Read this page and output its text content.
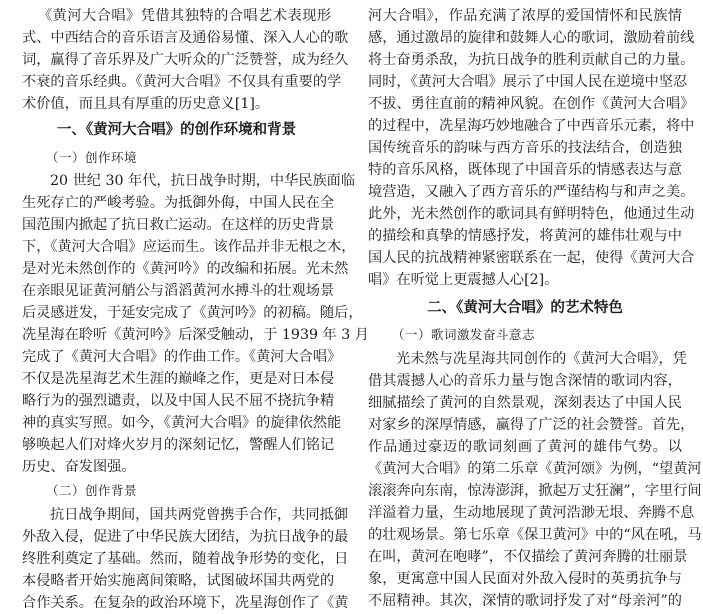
《黄河大合唱》凭借其独特的合唱艺术表现形
式、中西结合的音乐语言及通俗易懂、深入人心的歌
词，赢得了音乐界及广大听众的广泛赞誉，成为经久
不衰的音乐经典。《黄河大合唱》不仅具有重要的学
术价值，而且具有厚重的历史意义[1]。
一、《黄河大合唱》的创作环境和背景
（一）创作环境
20 世纪 30 年代，抗日战争时期，中华民族面临
生死存亡的严峻考验。为抵御外侮，中国人民在全
国范围内掀起了抗日救亡运动。在这样的历史背景
下，《黄河大合唱》应运而生。该作品并非无根之木，
是对光未然创作的《黄河吟》的改编和拓展。光未然
在亲眼见证黄河艄公与滔滔黄河水搏斗的壮观场景
后灵感迸发，于延安完成了《黄河吟》的初稿。随后，
冼星海在聆听《黄河吟》后深受触动，于 1939 年 3 月
完成了《黄河大合唱》的作曲工作。《黄河大合唱》
不仅是冼星海艺术生涯的巅峰之作，更是对日本侵
略行为的强烈谴责，以及中国人民不屈不挠抗争精
神的真实写照。如今，《黄河大合唱》的旋律依然能
够唤起人们对烽火岁月的深刻记忆，警醒人们铭记
历史、奋发图强。
（二）创作背景
抗日战争期间，国共两党曾携手合作，共同抵御
外敌入侵，促进了中华民族大团结，为抗日战争的最
终胜利奠定了基础。然而，随着战争形势的变化，日
本侵略者开始实施离间策略，试图破坏国共两党的
合作关系。在复杂的政治环境下，冼星海创作了《黄
河大合唱》，作品充满了浓厚的爱国情怀和民族情
感，通过激昂的旋律和鼓舞人心的歌词，激励着前线
将士奋勇杀敌，为抗日战争的胜利贡献自己的力量。
同时，《黄河大合唱》展示了中国人民在逆境中坚忍
不拔、勇往直前的精神风貌。在创作《黄河大合唱》
的过程中，冼星海巧妙地融合了中西音乐元素，将中
国传统音乐的韵味与西方音乐的技法结合，创造独
特的音乐风格，既体现了中国音乐的情感表达与意
境营造，又融入了西方音乐的严谨结构与和声之美。
此外，光未然创作的歌词具有鲜明特色，他通过生动
的描绘和真挚的情感抒发，将黄河的雄伟壮观与中
国人民的抗战精神紧密联系在一起，使得《黄河大合
唱》在听觉上更震撼人心[2]。
二、《黄河大合唱》的艺术特色
（一）歌词激发奋斗意志
光未然与冼星海共同创作的《黄河大合唱》，凭
借其震撼人心的音乐力量与饱含深情的歌词内容，
细腻描绘了黄河的自然景观，深刻表达了中国人民
对家乡的深厚情感，赢得了广泛的社会赞誉。首先，
作品通过豪迈的歌词刻画了黄河的雄伟气势。以
《黄河大合唱》的第二乐章《黄河颂》为例，“望黄河
滚滚奔向东南，惊涛澎湃，掀起万丈狂澜”，字里行间
洋溢着力量，生动地展现了黄河浩渺无垠、奔腾不息
的壮观场景。第七乐章《保卫黄河》中的“风在吼，马
在叫，黄河在咆哮”，不仅描绘了黄河奔腾的壮丽景
象，更寓意中国人民面对外敌入侵时的英勇抗争与
不屈精神。其次，深情的歌词抒发了对“母亲河”的
